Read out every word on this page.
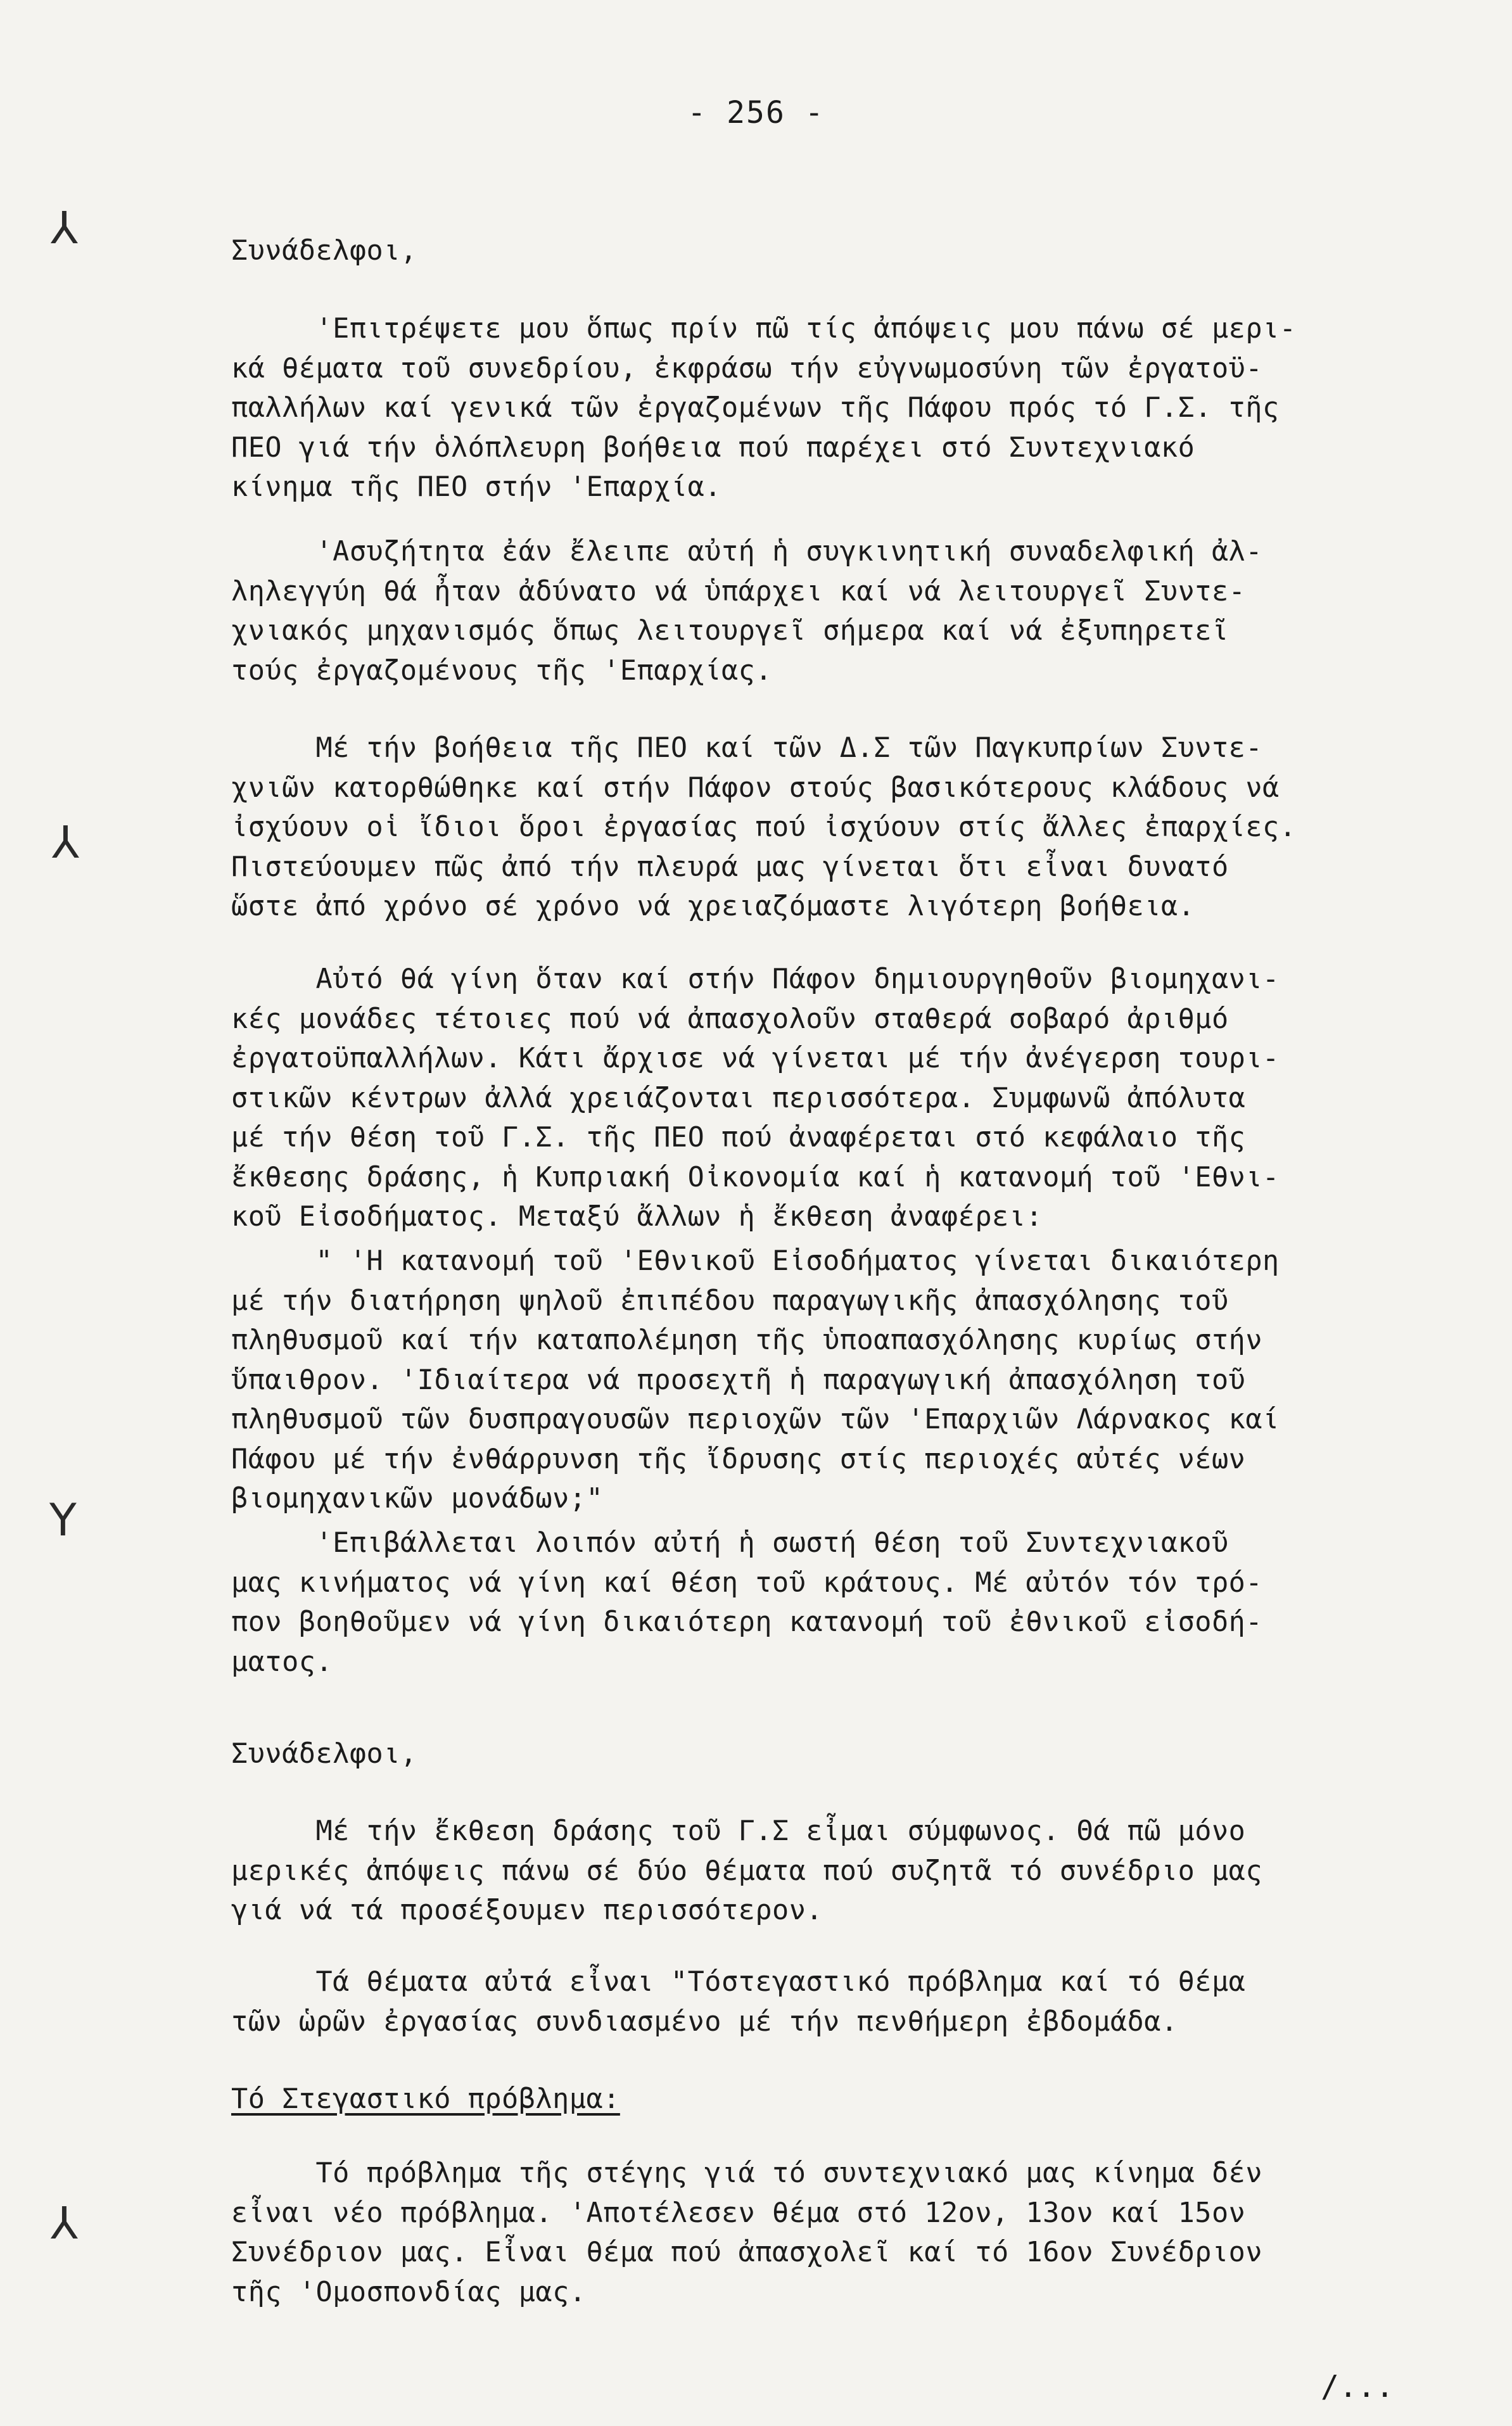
- 256 -
⅄
⅄
Υ
⅄
Συνάδελφοι,
'Επιτρέψετε μου ὅπως πρίν πῶ τίς ἀπόψεις μου πάνω σέ μερι-
κά θέματα τοῦ συνεδρίου, ἐκφράσω τήν εὐγνωμοσύνη τῶν ἐργατοϋ-
παλλήλων καί γενικά τῶν ἐργαζομένων τῆς Πάφου πρός τό Γ.Σ. τῆς
ΠΕΟ γιά τήν ὁλόπλευρη βοήθεια πού παρέχει στό Συντεχνιακό
κίνημα τῆς ΠΕΟ στήν 'Επαρχία.
'Ασυζήτητα ἐάν ἔλειπε αὐτή ἡ συγκινητική συναδελφική ἀλ-
ληλεγγύη θά ἦταν ἀδύνατο νά ὑπάρχει καί νά λειτουργεῖ Συντε-
χνιακός μηχανισμός ὅπως λειτουργεῖ σήμερα καί νά ἐξυπηρετεῖ
τούς ἐργαζομένους τῆς 'Επαρχίας.
Μέ τήν βοήθεια τῆς ΠΕΟ καί τῶν Δ.Σ τῶν Παγκυπρίων Συντε-
χνιῶν κατορθώθηκε καί στήν Πάφον στούς βασικότερους κλάδους νά
ἰσχύουν οἱ ἴδιοι ὅροι ἐργασίας πού ἰσχύουν στίς ἄλλες ἐπαρχίες.
Πιστεύουμεν πῶς ἀπό τήν πλευρά μας γίνεται ὅτι εἶναι δυνατό
ὥστε ἀπό χρόνο σέ χρόνο νά χρειαζόμαστε λιγότερη βοήθεια.
Αὐτό θά γίνη ὅταν καί στήν Πάφον δημιουργηθοῦν βιομηχανι-
κές μονάδες τέτοιες πού νά ἀπασχολοῦν σταθερά σοβαρό ἀριθμό
ἐργατοϋπαλλήλων. Κάτι ἄρχισε νά γίνεται μέ τήν ἀνέγερση τουρι-
στικῶν κέντρων ἀλλά χρειάζονται περισσότερα. Συμφωνῶ ἀπόλυτα
μέ τήν θέση τοῦ Γ.Σ. τῆς ΠΕΟ πού ἀναφέρεται στό κεφάλαιο τῆς
ἔκθεσης δράσης, ἡ Κυπριακή Οἰκονομία καί ἡ κατανομή τοῦ 'Εθνι-
κοῦ Εἰσοδήματος. Μεταξύ ἄλλων ἡ ἔκθεση ἀναφέρει:
" 'Η κατανομή τοῦ 'Εθνικοῦ Εἰσοδήματος γίνεται δικαιότερη
μέ τήν διατήρηση ψηλοῦ ἐπιπέδου παραγωγικῆς ἀπασχόλησης τοῦ
πληθυσμοῦ καί τήν καταπολέμηση τῆς ὑποαπασχόλησης κυρίως στήν
ὕπαιθρον. 'Ιδιαίτερα νά προσεχτῆ ἡ παραγωγική ἀπασχόληση τοῦ
πληθυσμοῦ τῶν δυσπραγουσῶν περιοχῶν τῶν 'Επαρχιῶν Λάρνακος καί
Πάφου μέ τήν ἐνθάρρυνση τῆς ἴδρυσης στίς περιοχές αὐτές νέων
βιομηχανικῶν μονάδων;"
'Επιβάλλεται λοιπόν αὐτή ἡ σωστή θέση τοῦ Συντεχνιακοῦ
μας κινήματος νά γίνη καί θέση τοῦ κράτους. Μέ αὐτόν τόν τρό-
πον βοηθοῦμεν νά γίνη δικαιότερη κατανομή τοῦ ἐθνικοῦ εἰσοδή-
ματος.
Συνάδελφοι,
Μέ τήν ἔκθεση δράσης τοῦ Γ.Σ εἶμαι σύμφωνος. Θά πῶ μόνο
μερικές ἀπόψεις πάνω σέ δύο θέματα πού συζητᾶ τό συνέδριο μας
γιά νά τά προσέξουμεν περισσότερον.
Τά θέματα αὐτά εἶναι "Τόστεγαστικό πρόβλημα καί τό θέμα
τῶν ὡρῶν ἐργασίας συνδιασμένο μέ τήν πενθήμερη ἐβδομάδα.
Τό Στεγαστικό πρόβλημα:
Τό πρόβλημα τῆς στέγης γιά τό συντεχνιακό μας κίνημα δέν
εἶναι νέο πρόβλημα. 'Αποτέλεσεν θέμα στό 12ον, 13ον καί 15ον
Συνέδριον μας. Εἶναι θέμα πού ἀπασχολεῖ καί τό 16ον Συνέδριον
τῆς 'Ομοσπονδίας μας.
/...
